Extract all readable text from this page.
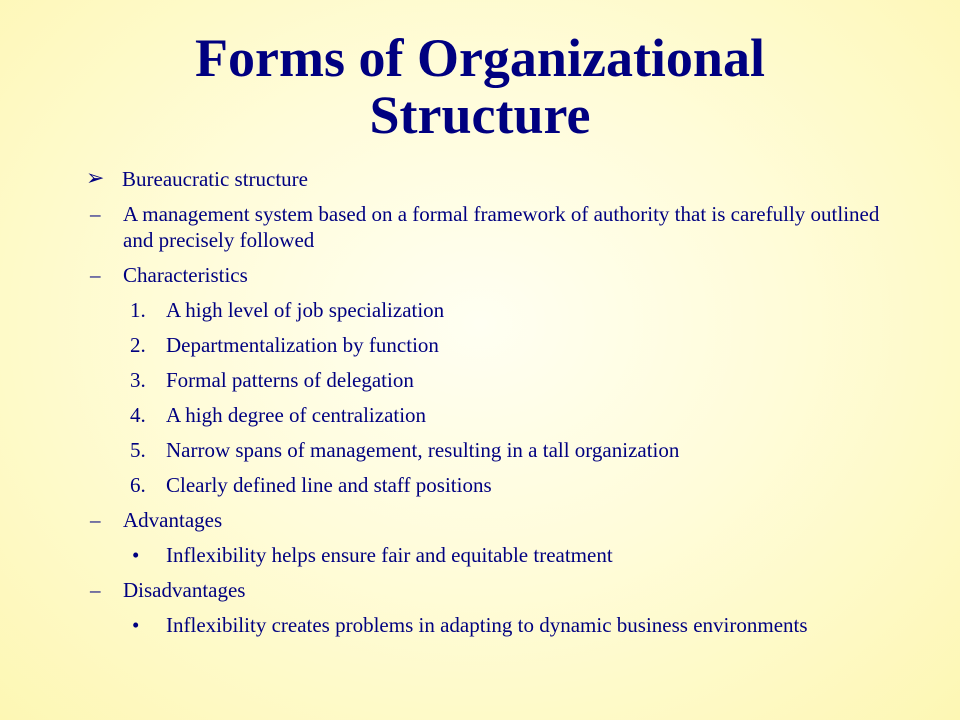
Forms of Organizational
Structure
➢ Bureaucratic structure
– A management system based on a formal framework of authority that is carefully outlined and precisely followed
– Characteristics
1. A high level of job specialization
2. Departmentalization by function
3. Formal patterns of delegation
4. A high degree of centralization
5. Narrow spans of management, resulting in a tall organization
6. Clearly defined line and staff positions
– Advantages
• Inflexibility helps ensure fair and equitable treatment
– Disadvantages
• Inflexibility creates problems in adapting to dynamic business environments
